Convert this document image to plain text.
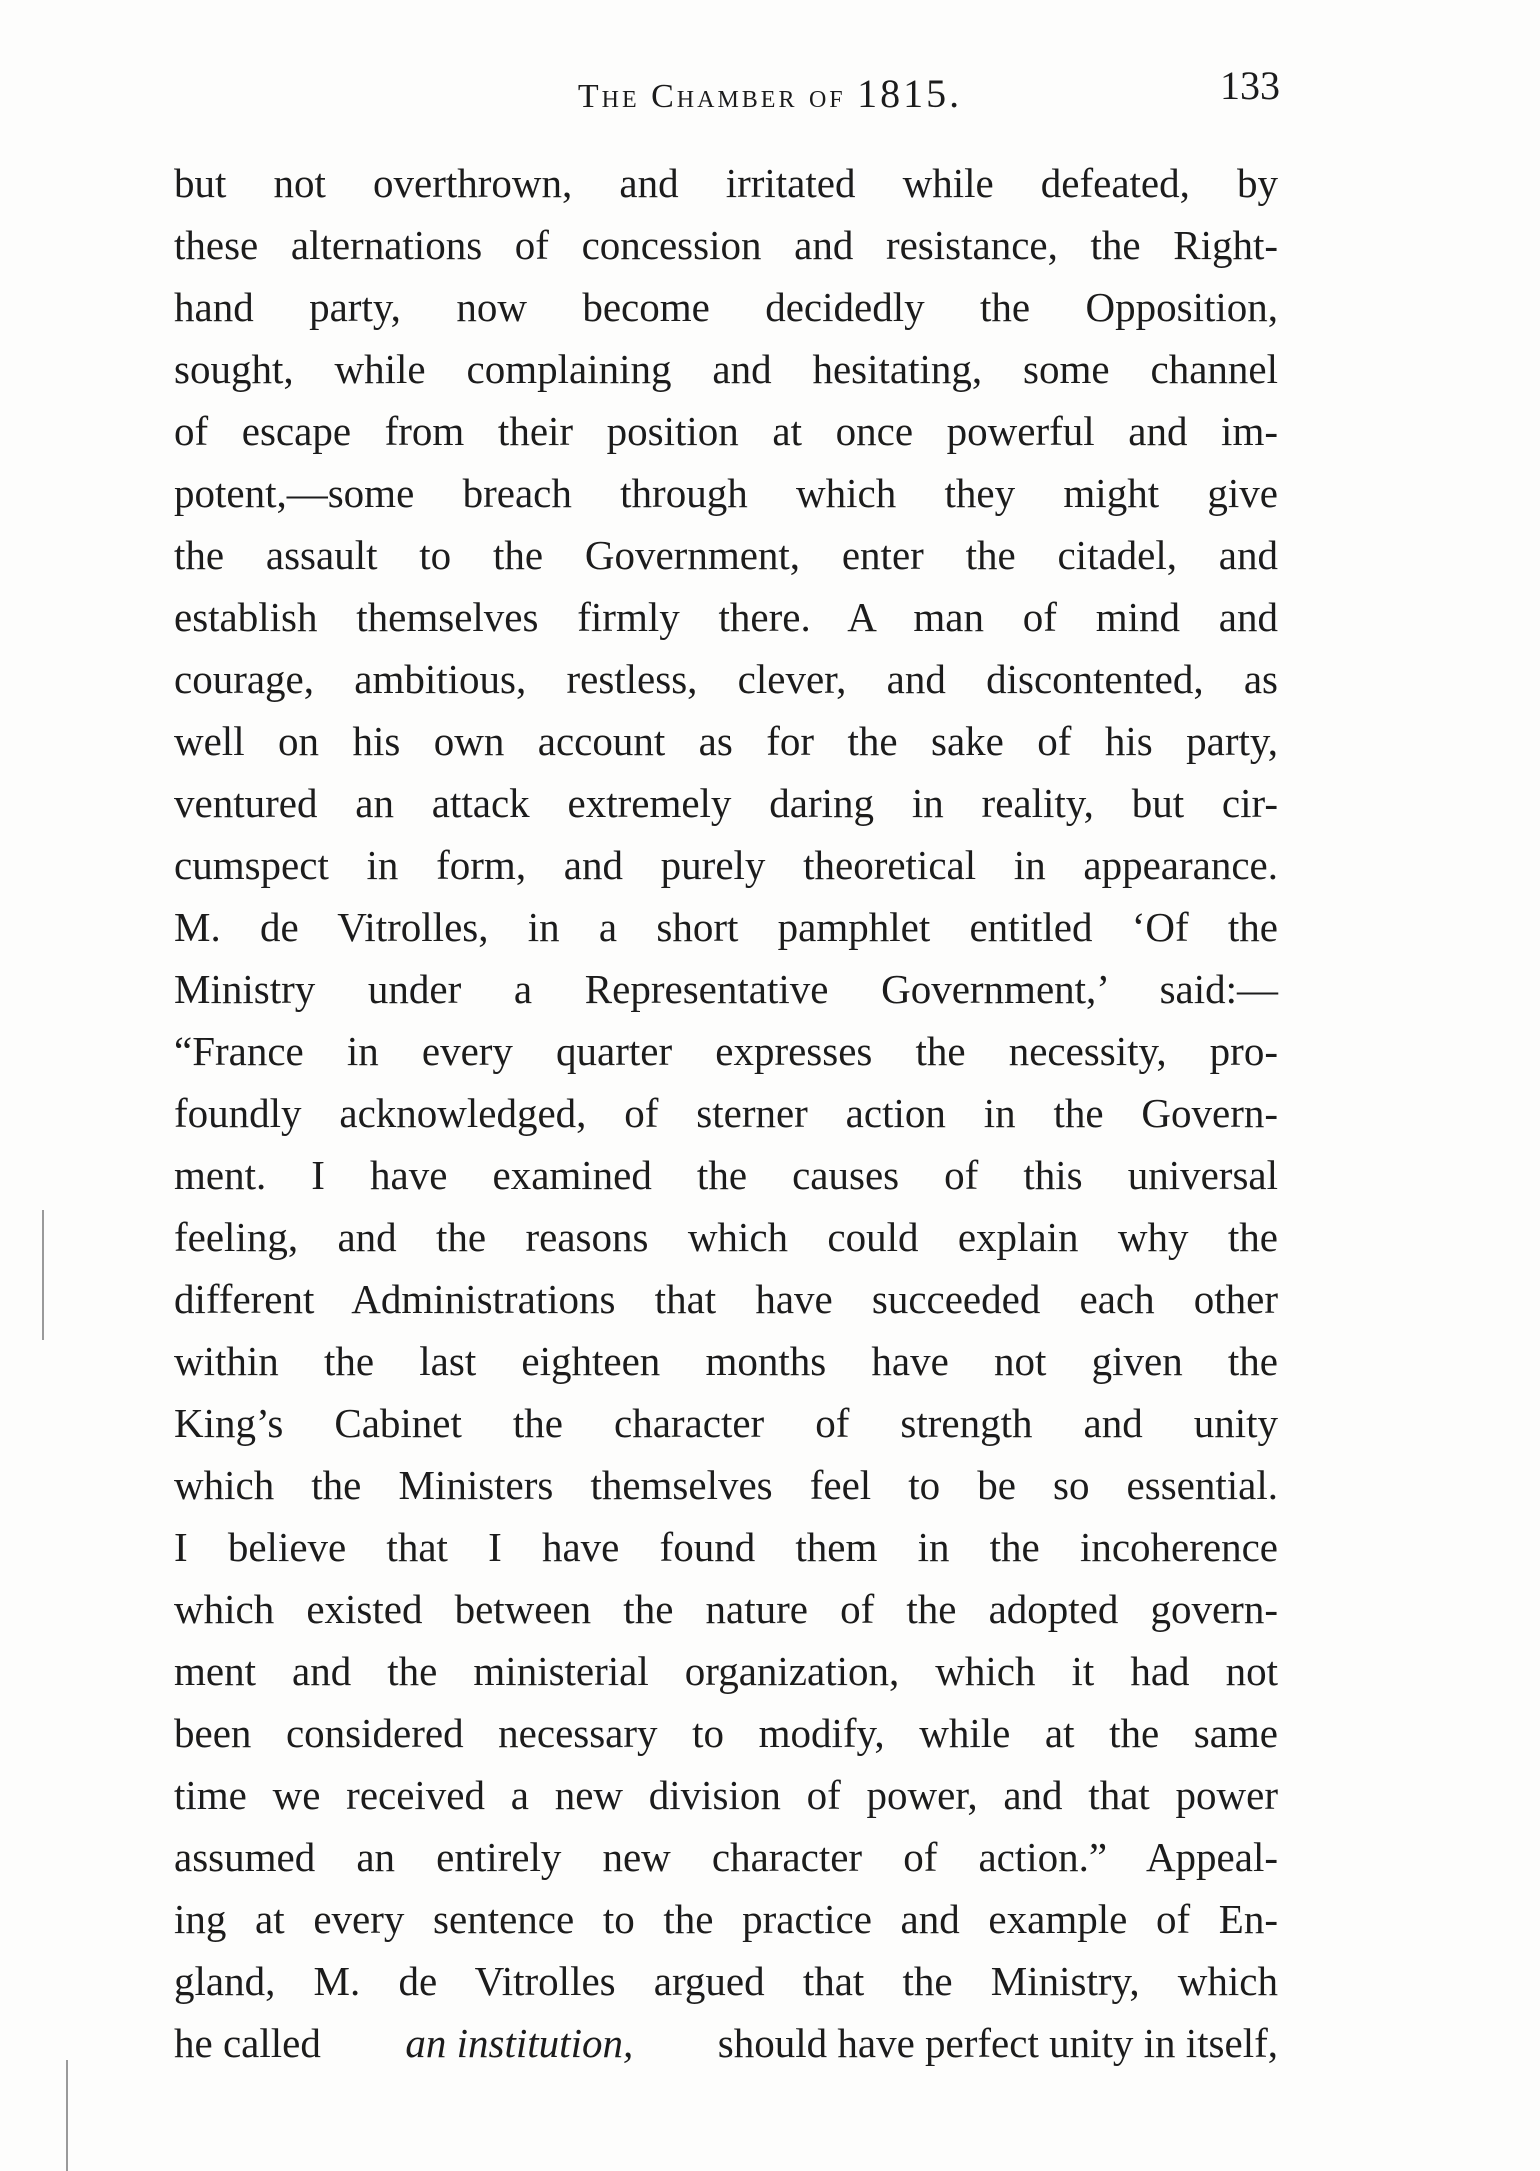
The Chamber of 1815.	133
but not overthrown, and irritated while defeated, by
these alternations of concession and resistance, the Right-
hand party, now become decidedly the Opposition,
sought, while complaining and hesitating, some channel
of escape from their position at once powerful and im-
potent,—some breach through which they might give
the assault to the Government, enter the citadel, and
establish themselves firmly there. A man of mind and
courage, ambitious, restless, clever, and discontented, as
well on his own account as for the sake of his party,
ventured an attack extremely daring in reality, but cir-
cumspect in form, and purely theoretical in appearance.
M. de Vitrolles, in a short pamphlet entitled ‘Of the
Ministry under a Representative Government,’ said:—
“France in every quarter expresses the necessity, pro-
foundly acknowledged, of sterner action in the Govern-
ment. I have examined the causes of this universal
feeling, and the reasons which could explain why the
different Administrations that have succeeded each other
within the last eighteen months have not given the
King’s Cabinet the character of strength and unity
which the Ministers themselves feel to be so essential.
I believe that I have found them in the incoherence
which existed between the nature of the adopted govern-
ment and the ministerial organization, which it had not
been considered necessary to modify, while at the same
time we received a new division of power, and that power
assumed an entirely new character of action.” Appeal-
ing at every sentence to the practice and example of En-
gland, M. de Vitrolles argued that the Ministry, which
he called an institution, should have perfect unity in itself,
